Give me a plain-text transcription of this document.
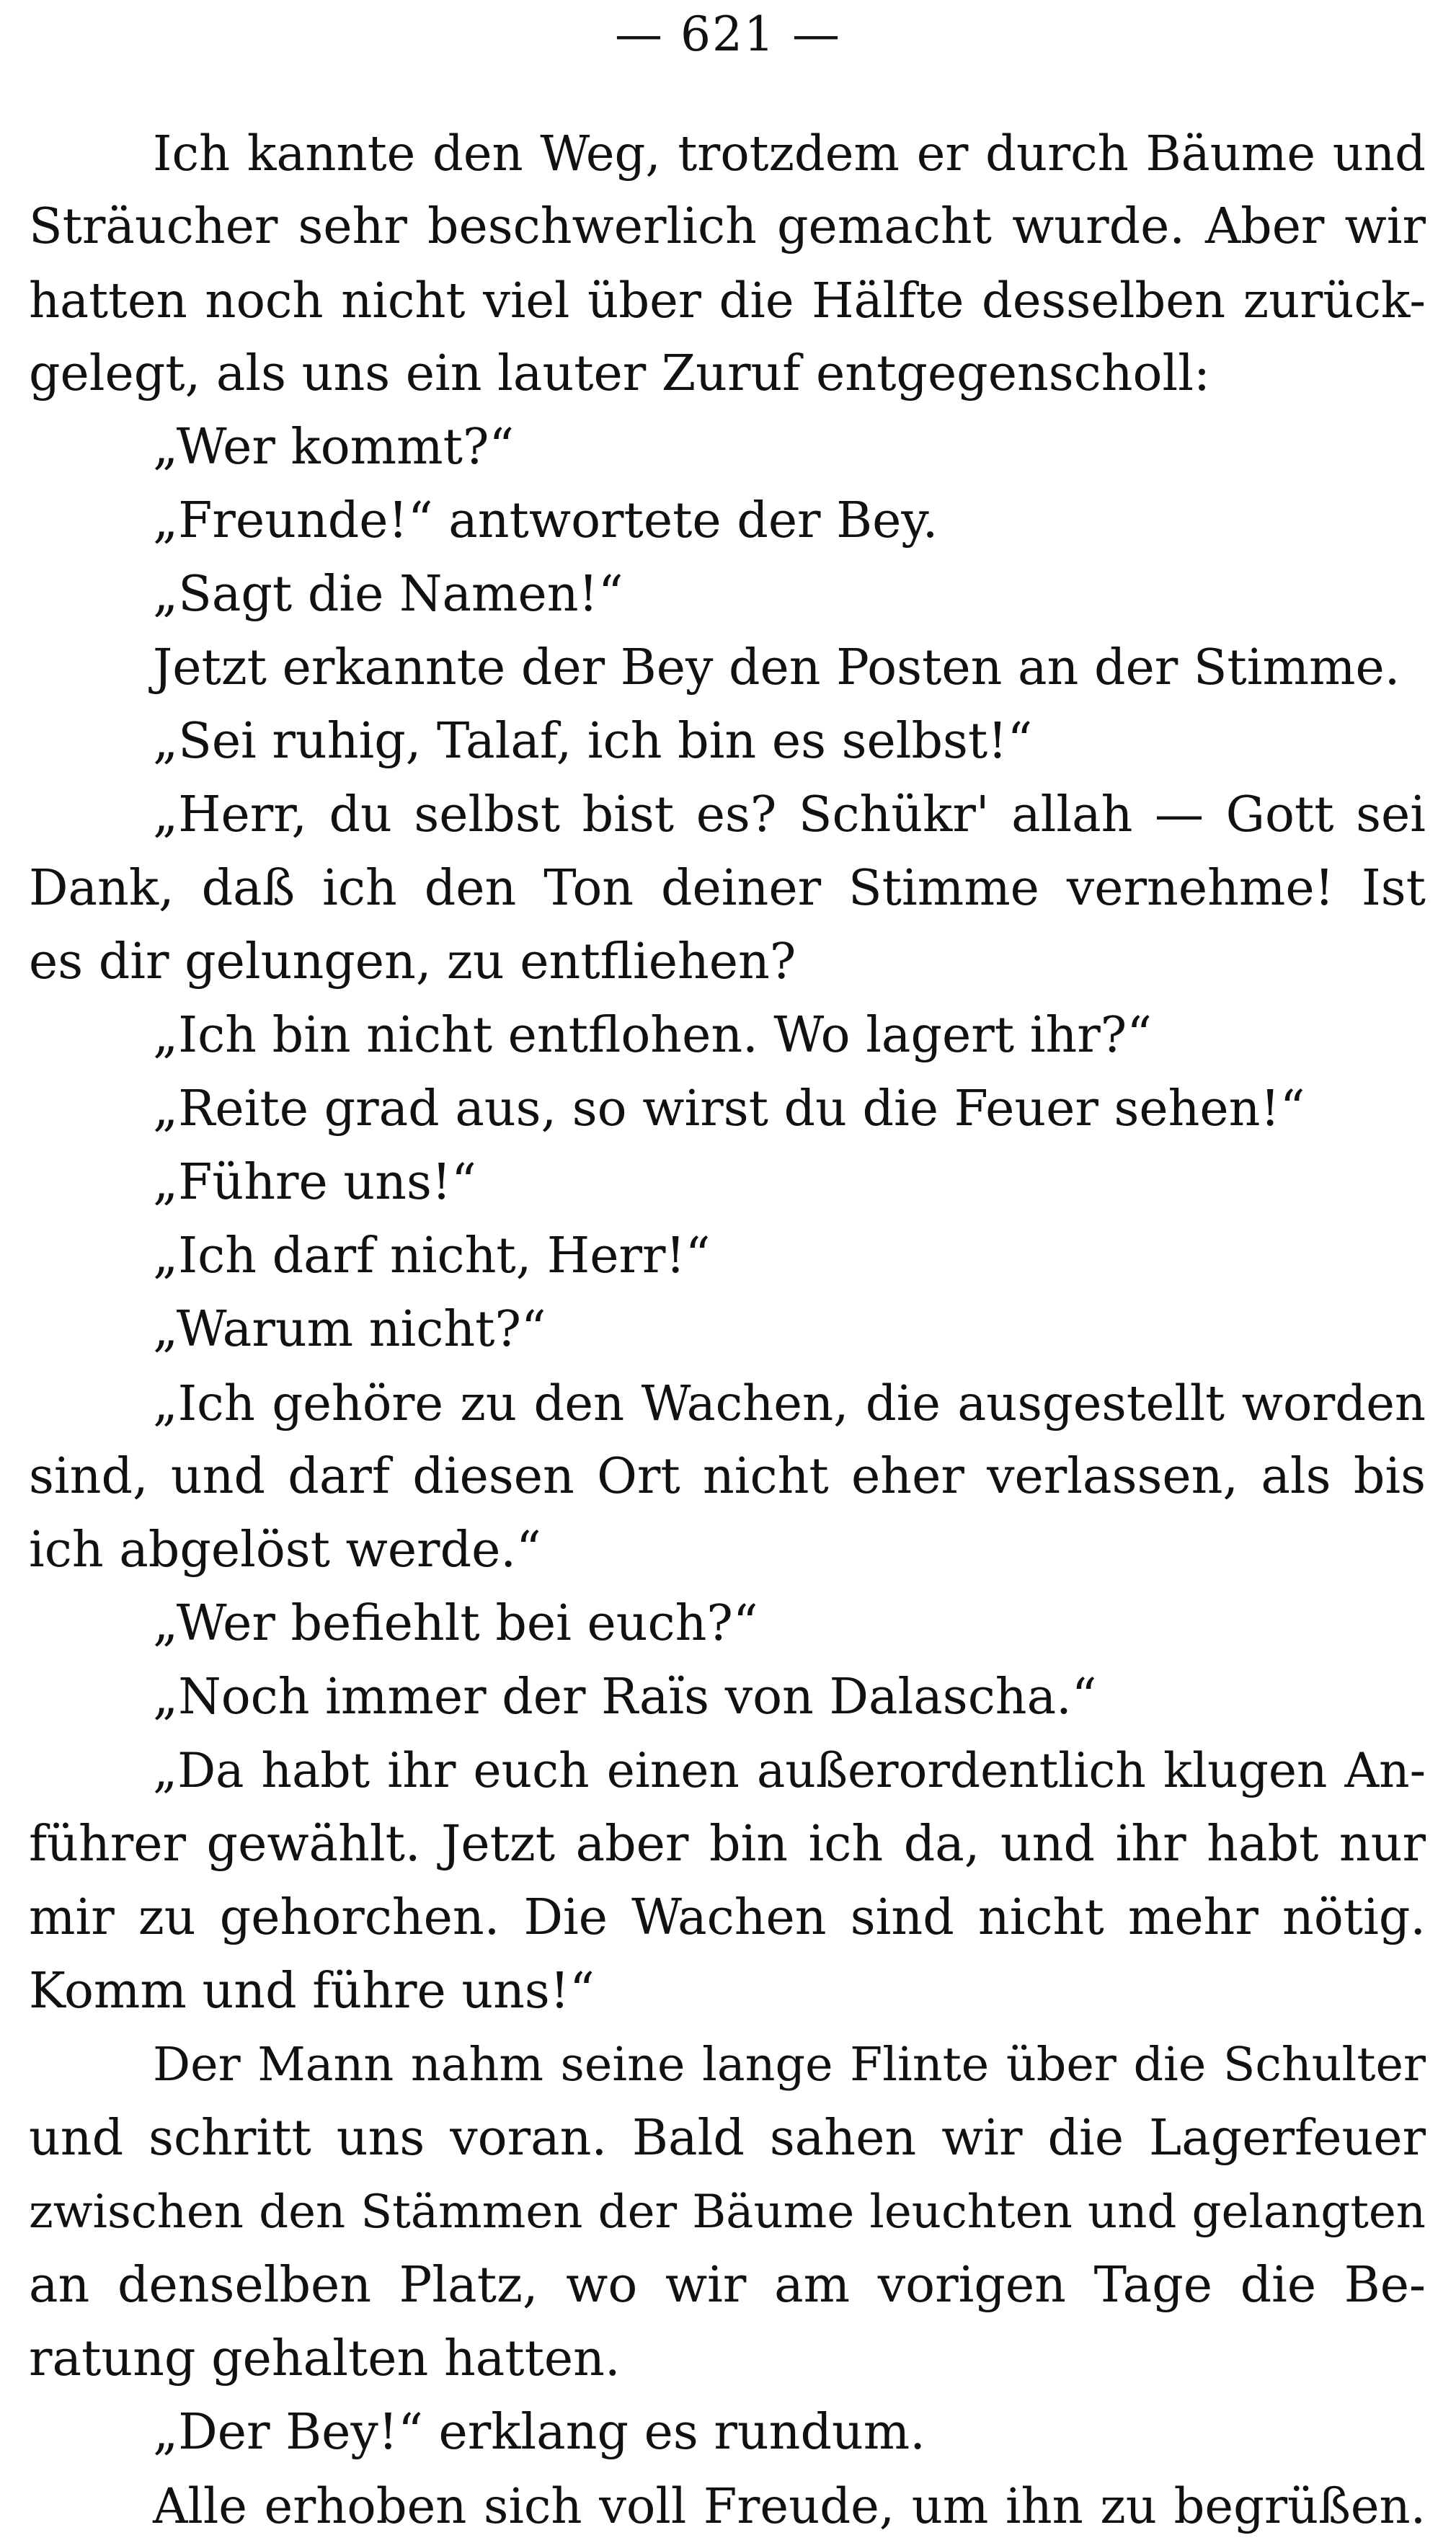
— 621 —
Ich kannte den Weg, trotzdem er durch Bäume und
Sträucher sehr beschwerlich gemacht wurde. Aber wir
hatten noch nicht viel über die Hälfte desselben zurück-
gelegt, als uns ein lauter Zuruf entgegenscholl:
„Wer kommt?“
„Freunde!“ antwortete der Bey.
„Sagt die Namen!“
Jetzt erkannte der Bey den Posten an der Stimme.
„Sei ruhig, Talaf, ich bin es selbst!“
„Herr, du selbst bist es? Schükr' allah — Gott sei
Dank, daß ich den Ton deiner Stimme vernehme! Ist
es dir gelungen, zu entfliehen?
„Ich bin nicht entflohen. Wo lagert ihr?“
„Reite grad aus, so wirst du die Feuer sehen!“
„Führe uns!“
„Ich darf nicht, Herr!“
„Warum nicht?“
„Ich gehöre zu den Wachen, die ausgestellt worden
sind, und darf diesen Ort nicht eher verlassen, als bis
ich abgelöst werde.“
„Wer befiehlt bei euch?“
„Noch immer der Raïs von Dalascha.“
„Da habt ihr euch einen außerordentlich klugen An-
führer gewählt. Jetzt aber bin ich da, und ihr habt nur
mir zu gehorchen. Die Wachen sind nicht mehr nötig.
Komm und führe uns!“
Der Mann nahm seine lange Flinte über die Schulter
und schritt uns voran. Bald sahen wir die Lagerfeuer
zwischen den Stämmen der Bäume leuchten und gelangten
an denselben Platz, wo wir am vorigen Tage die Be-
ratung gehalten hatten.
„Der Bey!“ erklang es rundum.
Alle erhoben sich voll Freude, um ihn zu begrüßen.
